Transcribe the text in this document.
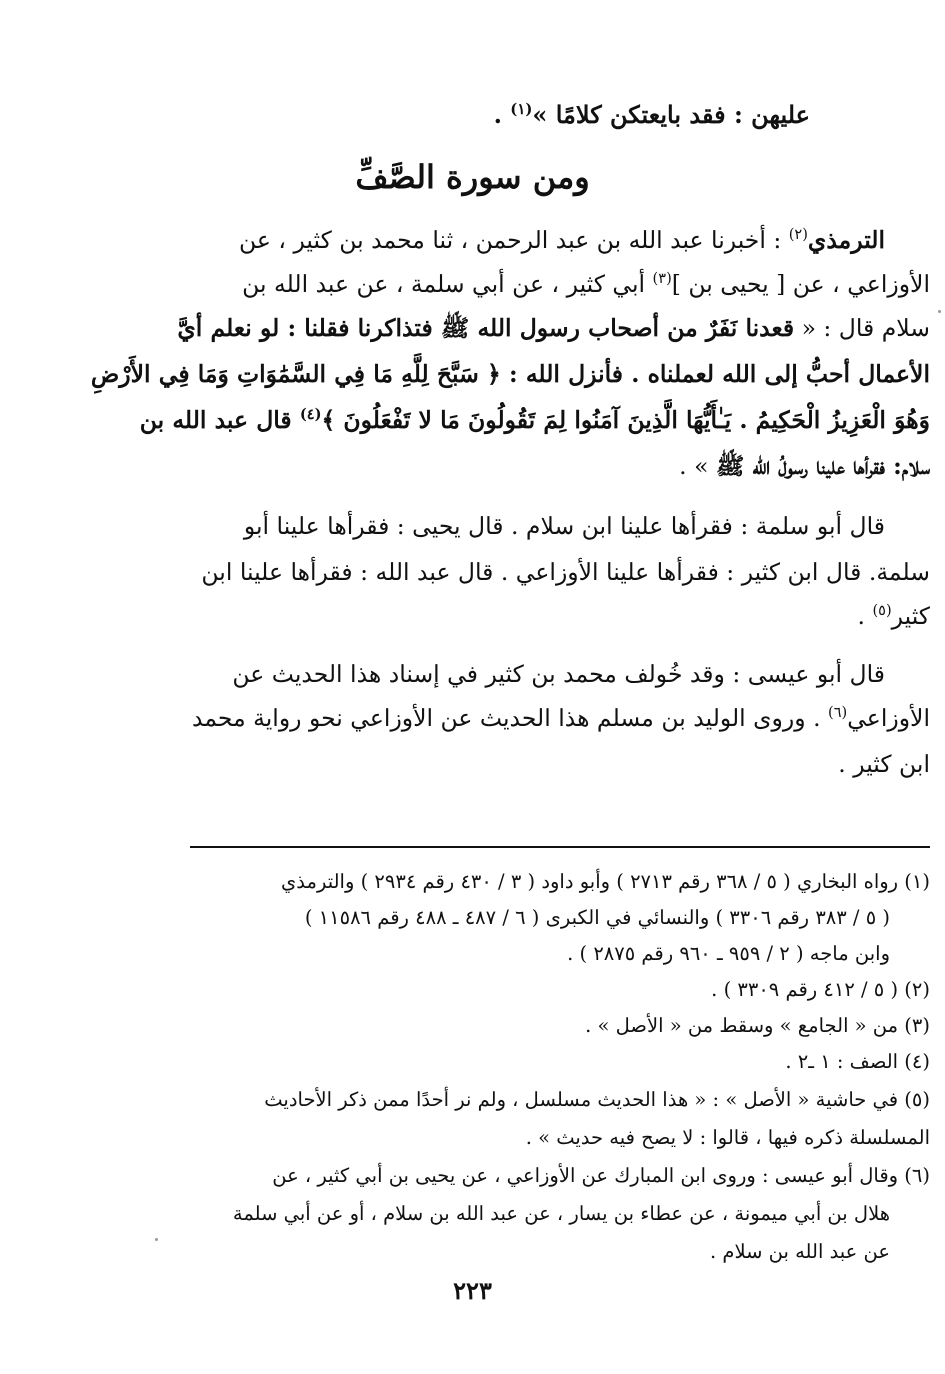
عليهن : فقد بايعتكن كلامًا »$^{(١)}$ .
ومن سورة الصَّفِّ
الترمذي$^{(٢)}$ : أخبرنا عبد الله بن عبد الرحمن ، ثنا محمد بن كثير ، عن
الأوزاعي ، عن [ يحيى بن ]$^{(٣)}$ أبي كثير ، عن أبي سلمة ، عن عبد الله بن
سلام قال : « قعدنا نَفَرٌ من أصحاب رسول الله ﷺ فتذاكرنا فقلنا : لو نعلم أيَّ
الأعمال أحبُّ إلى الله لعملناه . فأنزل الله : ﴿ سَبَّحَ لِلَّهِ مَا فِي السَّمَٰوَاتِ وَمَا فِي الأَرْضِ
وَهُوَ الْعَزِيزُ الْحَكِيمُ . يَـٰأَيُّهَا الَّذِينَ آمَنُوا لِمَ تَقُولُونَ مَا لا تَفْعَلُونَ ﴾$^{(٤)}$ قال عبد الله بن
سلام: فقرأها علينا رسولُ الله ﷺ » .
قال أبو سلمة : فقرأها علينا ابن سلام . قال يحيى : فقرأها علينا أبو
سلمة. قال ابن كثير : فقرأها علينا الأوزاعي . قال عبد الله : فقرأها علينا ابن
كثير$^{(٥)}$ .
قال أبو عيسى : وقد خُولف محمد بن كثير في إسناد هذا الحديث عن
الأوزاعي$^{(٦)}$ . وروى الوليد بن مسلم هذا الحديث عن الأوزاعي نحو رواية محمد
ابن كثير .
(١) رواه البخاري ( ٥ / ٣٦٨ رقم ٢٧١٣ ) وأبو داود ( ٣ / ٤٣٠ رقم ٢٩٣٤ ) والترمذي
( ٥ / ٣٨٣ رقم ٣٣٠٦ ) والنسائي في الكبرى ( ٦ / ٤٨٧ ـ ٤٨٨ رقم ١١٥٨٦ )
وابن ماجه ( ٢ / ٩٥٩ ـ ٩٦٠ رقم ٢٨٧٥ ) .
(٢) ( ٥ / ٤١٢ رقم ٣٣٠٩ ) .
(٣) من « الجامع » وسقط من « الأصل » .
(٤) الصف : ١ ـ٢ .
(٥) في حاشية « الأصل » : « هذا الحديث مسلسل ، ولم نر أحدًا ممن ذكر الأحاديث
المسلسلة ذكره فيها ، قالوا : لا يصح فيه حديث » .
(٦) وقال أبو عيسى : وروى ابن المبارك عن الأوزاعي ، عن يحيى بن أبي كثير ، عن
هلال بن أبي ميمونة ، عن عطاء بن يسار ، عن عبد الله بن سلام ، أو عن أبي سلمة
عن عبد الله بن سلام .
٢٢٣
